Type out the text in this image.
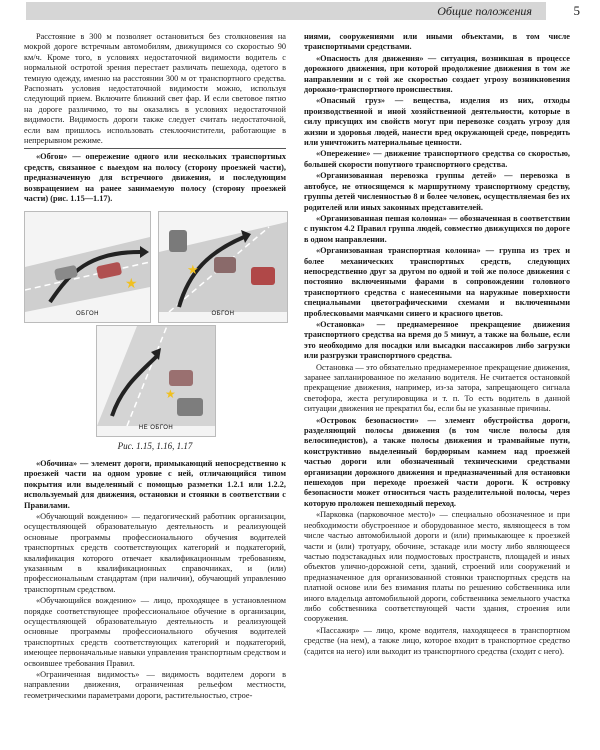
Общие положения	5

Расстояние в 300 м позволяет остановиться без столкновения на мокрой дороге встречным автомобилям, движущимся со скоростью 90 км/ч. Кроме того, в условиях недостаточной видимости водитель с нормальной остротой зрения перестает различать пешехода, одетого в темную одежду, именно на расстоянии 300 м от транспортного средства. Распознать условия недостаточной видимости можно, используя следующий прием. Включите ближний свет фар. И если световое пятно на дороге различимо, то вы оказались в условиях недостаточной видимости. Видимость дороги также следует считать недостаточной, если вам пришлось использовать стеклоочистители, работающие в непрерывном режиме.

«Обгон» — опережение одного или нескольких транспортных средств, связанное с выездом на полосу (сторону проезжей части), предназначенную для встречного движения, и последующим возвращением на ранее занимаемую полосу (сторону проезжей части) (рис. 1.15—1.17).

★
ОБГОН
★
ОБГОН
★
НЕ ОБГОН
Рис. 1.15, 1.16, 1.17

«Обочина» — элемент дороги, примыкающий непосредственно к проезжей части на одном уровне с ней, отличающийся типом покрытия или выделенный с помощью разметки 1.2.1 или 1.2.2, используемый для движения, остановки и стоянки в соответствии с Правилами.

«Обучающий вождению» — педагогический работник организации, осуществляющей образовательную деятельность и реализующей основные программы профессионального обучения водителей транспортных средств соответствующих категорий и подкатегорий, квалификация которого отвечает квалификационным требованиям, указанным в квалификационных справочниках, и (или) профессиональным стандартам (при наличии), обучающий управлению транспортным средством.

«Обучающийся вождению» — лицо, проходящее в установленном порядке соответствующее профессиональное обучение в организации, осуществляющей образовательную деятельность и реализующей основные программы профессионального обучения водителей транспортных средств соответствующих категорий и подкатегорий, имеющее первоначальные навыки управления транспортным средством и освоившее требования Правил.

«Ограниченная видимость» — видимость водителем дороги в направлении движения, ограниченная рельефом местности, геометрическими параметрами дороги, растительностью, строе-

ниями, сооружениями или иными объектами, в том числе транспортными средствами.

«Опасность для движения» — ситуация, возникшая в процессе дорожного движения, при которой продолжение движения в том же направлении и с той же скоростью создает угрозу возникновения дорожно-транспортного происшествия.

«Опасный груз» — вещества, изделия из них, отходы производственной и иной хозяйственной деятельности, которые в силу присущих им свойств могут при перевозке создать угрозу для жизни и здоровья людей, нанести вред окружающей среде, повредить или уничтожить материальные ценности.

«Опережение» — движение транспортного средства со скоростью, большей скорости попутного транспортного средства.

«Организованная перевозка группы детей» — перевозка в автобусе, не относящемся к маршрутному транспортному средству, группы детей численностью 8 и более человек, осуществляемая без их родителей или иных законных представителей.

«Организованная пешая колонна» — обозначенная в соответствии с пунктом 4.2 Правил группа людей, совместно движущихся по дороге в одном направлении.

«Организованная транспортная колонна» — группа из трех и более механических транспортных средств, следующих непосредственно друг за другом по одной и той же полосе движения с постоянно включенными фарами в сопровождении головного транспортного средства с нанесенными на наружные поверхности специальными цветографическими схемами и включенными проблесковыми маячками синего и красного цветов.

«Остановка» — преднамеренное прекращение движения транспортного средства на время до 5 минут, а также на больше, если это необходимо для посадки или высадки пассажиров либо загрузки или разгрузки транспортного средства.

Остановка — это обязательно преднамеренное прекращение движения, заранее запланированное по желанию водителя. Не считается остановкой прекращение движения, например, из-за затора, запрещающего сигнала светофора, жеста регулировщика и т. п. То есть водитель в данной ситуации движения не прекратил бы, если бы не указанные причины.

«Островок безопасности» — элемент обустройства дороги, разделяющий полосы движения (в том числе полосы для велосипедистов), а также полосы движения и трамвайные пути, конструктивно выделенный бордюрным камнем над проезжей частью дороги или обозначенный техническими средствами организации дорожного движения и предназначенный для остановки пешеходов при переходе проезжей части дороги. К островку безопасности может относиться часть разделительной полосы, через которую проложен пешеходный переход.

«Парковка (парковочное место)» — специально обозначенное и при необходимости обустроенное и оборудованное место, являющееся в том числе частью автомобильной дороги и (или) примыкающее к проезжей части и (или) тротуару, обочине, эстакаде или мосту либо являющееся частью подэстакадных или подмостовых пространств, площадей и иных объектов улично-дорожной сети, зданий, строений или сооружений и предназначенное для организованной стоянки транспортных средств на платной основе или без взимания платы по решению собственника или иного владельца автомобильной дороги, собственника земельного участка либо собственника соответствующей части здания, строения или сооружения.

«Пассажир» — лицо, кроме водителя, находящееся в транспортном средстве (на нем), а также лицо, которое входит в транспортное средство (садится на него) или выходит из транспортного средства (сходит с него).
